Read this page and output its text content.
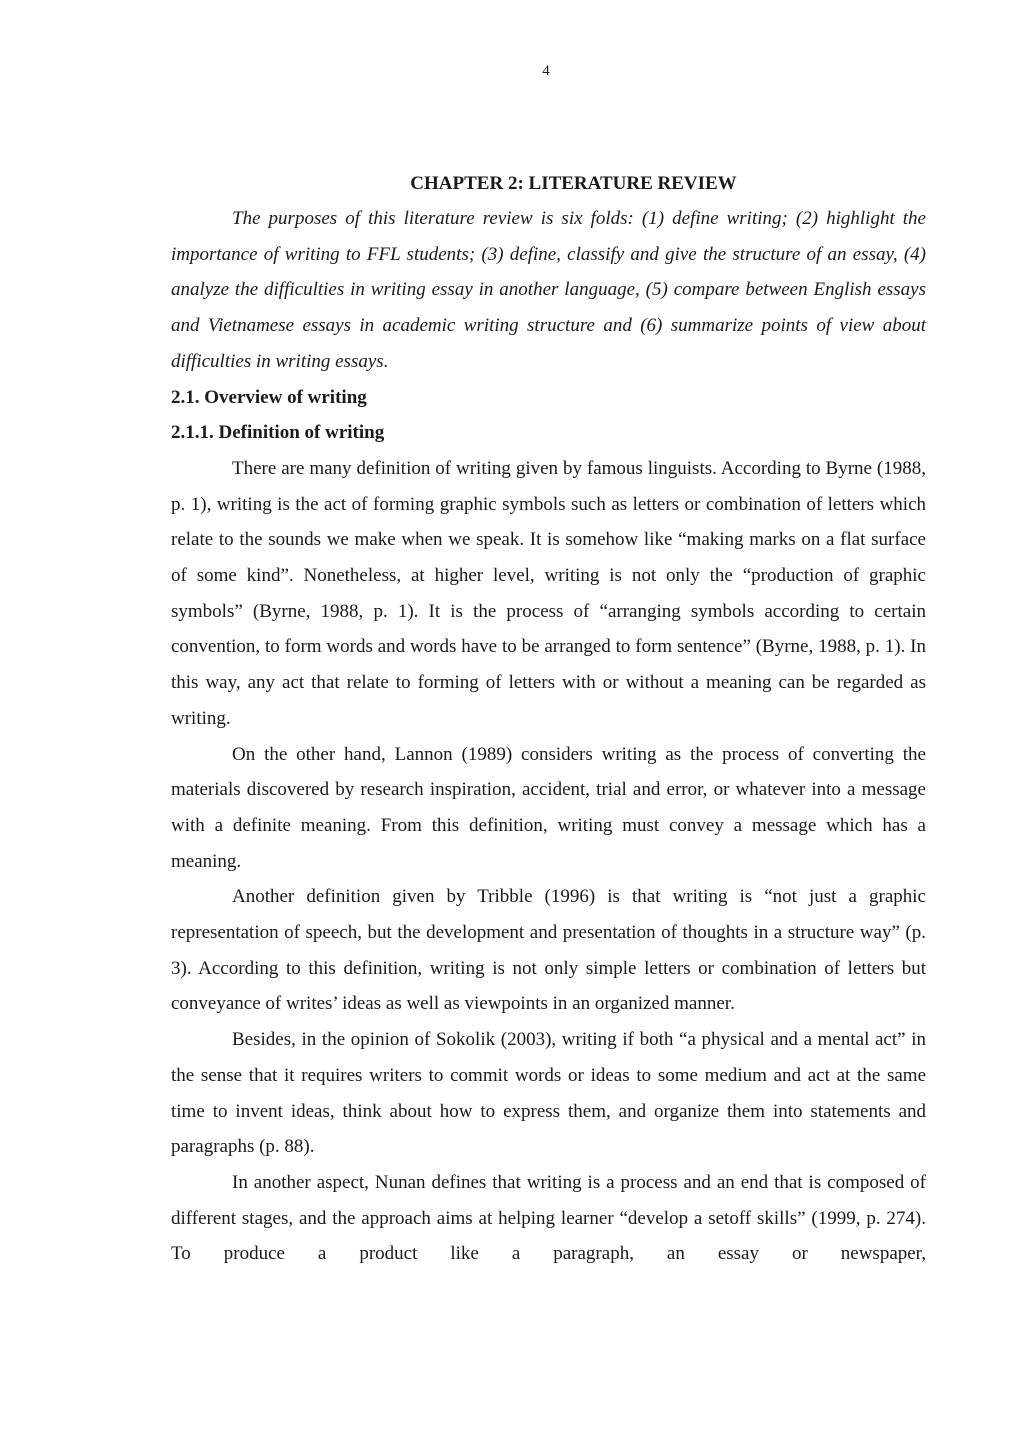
4

CHAPTER 2: LITERATURE REVIEW

The purposes of this literature review is six folds: (1) define writing; (2) highlight the importance of writing to FFL students; (3) define, classify and give the structure of an essay, (4) analyze the difficulties in writing essay in another language, (5) compare between English essays and Vietnamese essays in academic writing structure and (6) summarize points of view about difficulties in writing essays.

2.1. Overview of writing

2.1.1. Definition of writing

There are many definition of writing given by famous linguists. According to Byrne (1988, p. 1), writing is the act of forming graphic symbols such as letters or combination of letters which relate to the sounds we make when we speak. It is somehow like “making marks on a flat surface of some kind”. Nonetheless, at higher level, writing is not only the “production of graphic symbols” (Byrne, 1988, p. 1). It is the process of “arranging symbols according to certain convention, to form words and words have to be arranged to form sentence” (Byrne, 1988, p. 1). In this way, any act that relate to forming of letters with or without a meaning can be regarded as writing.

On the other hand, Lannon (1989) considers writing as the process of converting the materials discovered by research inspiration, accident, trial and error, or whatever into a message with a definite meaning. From this definition, writing must convey a message which has a meaning.

Another definition given by Tribble (1996) is that writing is “not just a graphic representation of speech, but the development and presentation of thoughts in a structure way” (p. 3). According to this definition, writing is not only simple letters or combination of letters but conveyance of writes’ ideas as well as viewpoints in an organized manner.

Besides, in the opinion of Sokolik (2003), writing if both “a physical and a mental act” in the sense that it requires writers to commit words or ideas to some medium and act at the same time to invent ideas, think about how to express them, and organize them into statements and paragraphs (p. 88).

In another aspect, Nunan defines that writing is a process and an end that is composed of different stages, and the approach aims at helping learner “develop a setoff skills” (1999, p. 274). To produce a product like a paragraph, an essay or newspaper,
